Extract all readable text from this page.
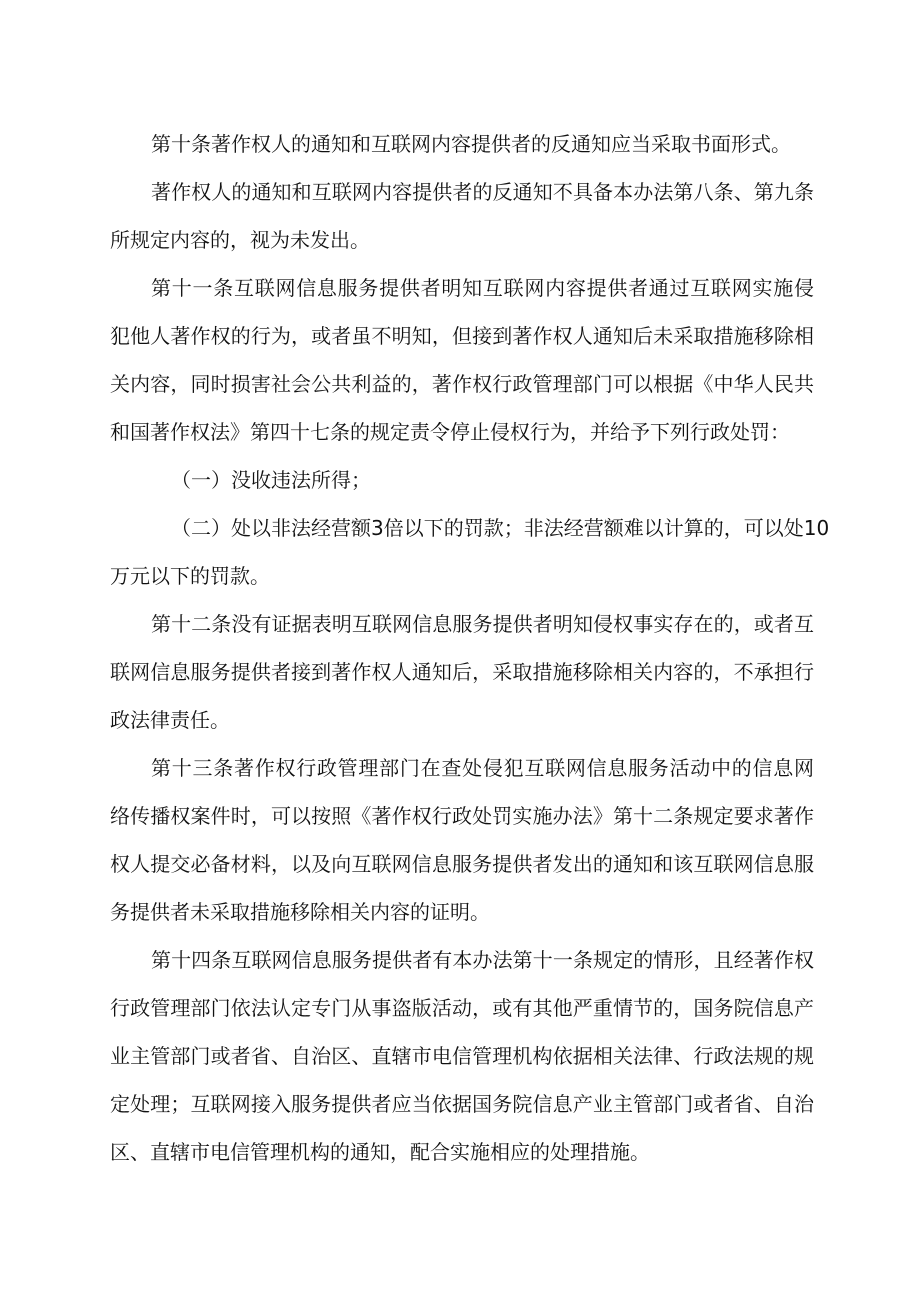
第十条著作权人的通知和互联网内容提供者的反通知应当采取书面形式。
著作权人的通知和互联网内容提供者的反通知不具备本办法第八条、第九条
所规定内容的，视为未发出。
第十一条互联网信息服务提供者明知互联网内容提供者通过互联网实施侵
犯他人著作权的行为，或者虽不明知，但接到著作权人通知后未采取措施移除相
关内容，同时损害社会公共利益的，著作权行政管理部门可以根据《中华人民共
和国著作权法》第四十七条的规定责令停止侵权行为，并给予下列行政处罚：
（一）没收违法所得；
（二）处以非法经营额3倍以下的罚款；非法经营额难以计算的，可以处10
万元以下的罚款。
第十二条没有证据表明互联网信息服务提供者明知侵权事实存在的，或者互
联网信息服务提供者接到著作权人通知后，采取措施移除相关内容的，不承担行
政法律责任。
第十三条著作权行政管理部门在查处侵犯互联网信息服务活动中的信息网
络传播权案件时，可以按照《著作权行政处罚实施办法》第十二条规定要求著作
权人提交必备材料，以及向互联网信息服务提供者发出的通知和该互联网信息服
务提供者未采取措施移除相关内容的证明。
第十四条互联网信息服务提供者有本办法第十一条规定的情形，且经著作权
行政管理部门依法认定专门从事盗版活动，或有其他严重情节的，国务院信息产
业主管部门或者省、自治区、直辖市电信管理机构依据相关法律、行政法规的规
定处理；互联网接入服务提供者应当依据国务院信息产业主管部门或者省、自治
区、直辖市电信管理机构的通知，配合实施相应的处理措施。
